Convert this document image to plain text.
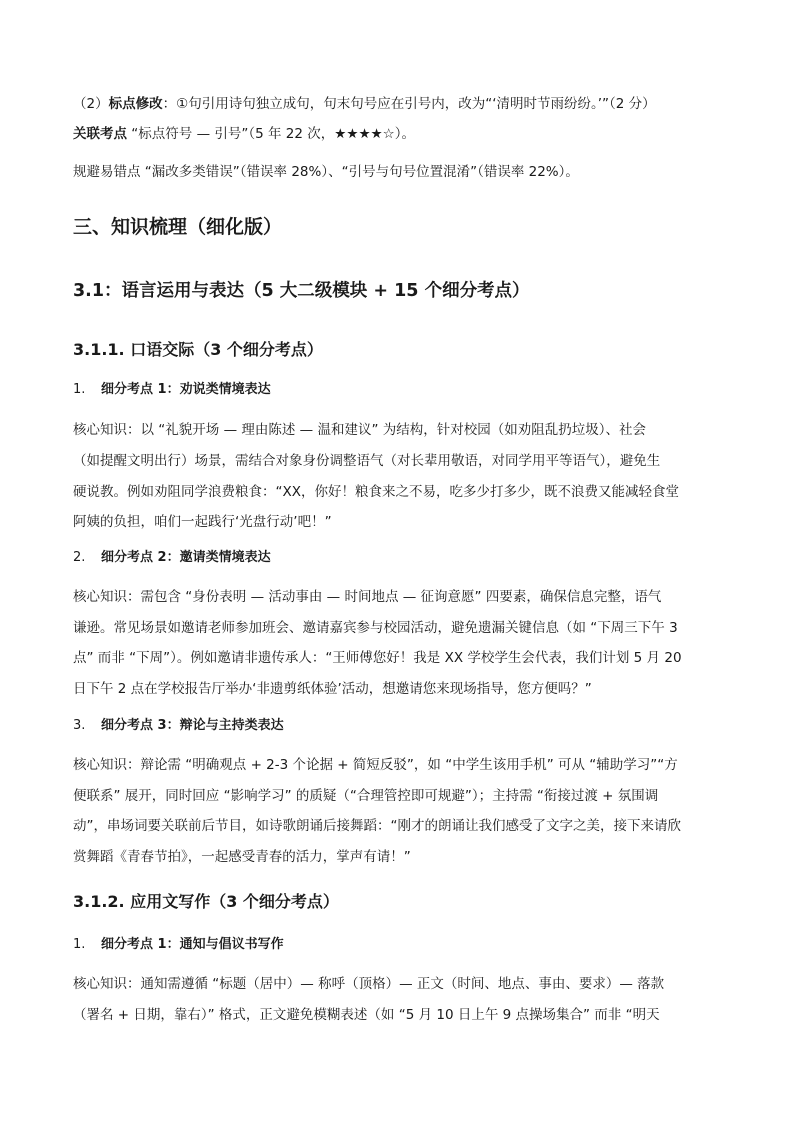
（2）标点修改：①句引用诗句独立成句，句末句号应在引号内，改为“‘清明时节雨纷纷。’”（2 分）
关联考点 “标点符号 — 引号”（5 年 22 次，★★★★☆）。
规避易错点 “漏改多类错误”（错误率 28%）、“引号与句号位置混淆”（错误率 22%）。
三、知识梳理（细化版）
3.1：语言运用与表达（5 大二级模块 + 15 个细分考点）
3.1.1. 口语交际（3 个细分考点）
1. 细分考点 1：劝说类情境表达
核心知识：以 “礼貌开场 — 理由陈述 — 温和建议” 为结构，针对校园（如劝阻乱扔垃圾）、社会
（如提醒文明出行）场景，需结合对象身份调整语气（对长辈用敬语，对同学用平等语气），避免生
硬说教。例如劝阻同学浪费粮食：“XX，你好！粮食来之不易，吃多少打多少，既不浪费又能减轻食堂
阿姨的负担，咱们一起践行‘光盘行动’吧！”
2. 细分考点 2：邀请类情境表达
核心知识：需包含 “身份表明 — 活动事由 — 时间地点 — 征询意愿” 四要素，确保信息完整，语气
谦逊。常见场景如邀请老师参加班会、邀请嘉宾参与校园活动，避免遗漏关键信息（如 “下周三下午 3
点” 而非 “下周”）。例如邀请非遗传承人：“王师傅您好！我是 XX 学校学生会代表，我们计划 5 月 20
日下午 2 点在学校报告厅举办‘非遗剪纸体验’活动，想邀请您来现场指导，您方便吗？”
3. 细分考点 3：辩论与主持类表达
核心知识：辩论需 “明确观点 + 2-3 个论据 + 简短反驳”，如 “中学生该用手机” 可从 “辅助学习”“方
便联系” 展开，同时回应 “影响学习” 的质疑（“合理管控即可规避”）；主持需 “衔接过渡 + 氛围调
动”，串场词要关联前后节目，如诗歌朗诵后接舞蹈：“刚才的朗诵让我们感受了文字之美，接下来请欣
赏舞蹈《青春节拍》，一起感受青春的活力，掌声有请！”
3.1.2. 应用文写作（3 个细分考点）
1. 细分考点 1：通知与倡议书写作
核心知识：通知需遵循 “标题（居中）— 称呼（顶格）— 正文（时间、地点、事由、要求）— 落款
（署名 + 日期，靠右）” 格式，正文避免模糊表述（如 “5 月 10 日上午 9 点操场集合” 而非 “明天
